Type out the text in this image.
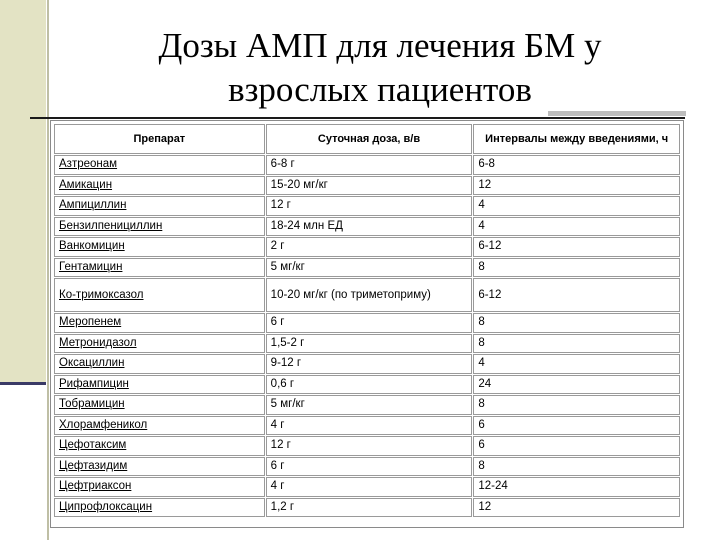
Дозы АМП для лечения БМ у
взрослых пациентов
Препарат	Суточная доза, в/в	Интервалы между введениями, ч
Азтреонам	6-8 г	6-8
Амикацин	15-20 мг/кг	12
Ампициллин	12 г	4
Бензилпенициллин	18-24 млн ЕД	4
Ванкомицин	2 г	6-12
Гентамицин	5 мг/кг	8
Ко-тримоксазол	10-20 мг/кг (по триметоприму)	6-12
Меропенем	6 г	8
Метронидазол	1,5-2 г	8
Оксациллин	9-12 г	4
Рифампицин	0,6 г	24
Тобрамицин	5 мг/кг	8
Хлорамфеникол	4 г	6
Цефотаксим	12 г	6
Цефтазидим	6 г	8
Цефтриаксон	4 г	12-24
Ципрофлоксацин	1,2 г	12
